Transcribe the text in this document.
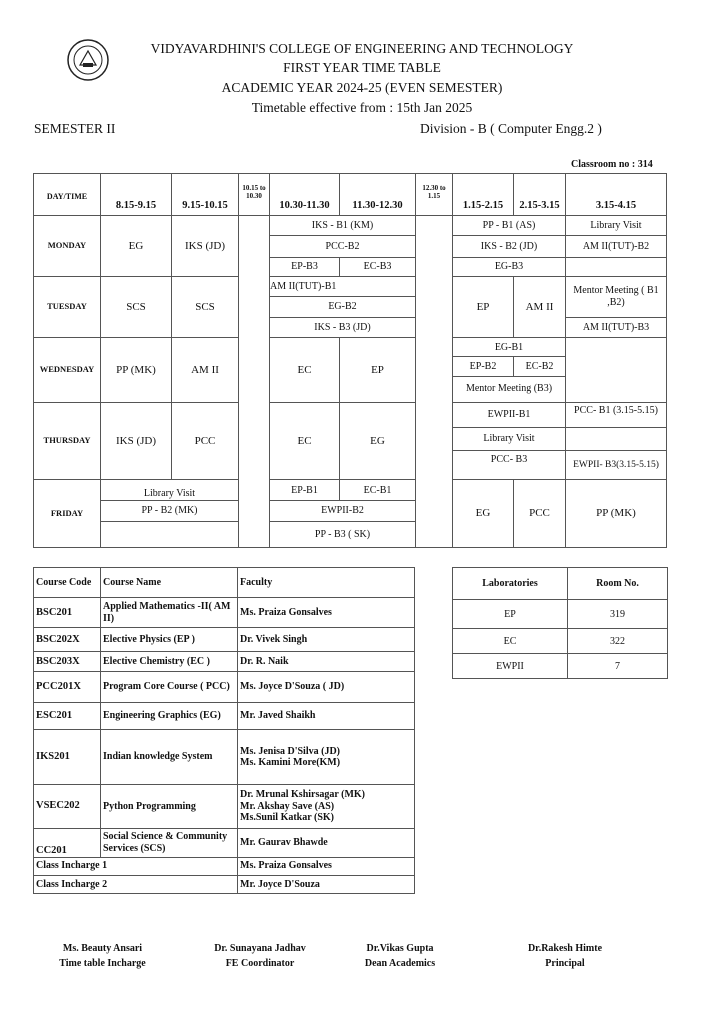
VIDYAVARDHINI'S COLLEGE OF ENGINEERING AND TECHNOLOGY
FIRST YEAR TIME TABLE
ACADEMIC YEAR 2024-25 (EVEN SEMESTER)
Timetable effective from : 15th Jan 2025
SEMESTER II	Division - B ( Computer Engg.2 )
Classroom no : 314
DAY/TIME	8.15-9.15	9.15-10.15	10.15 to 10.30	10.30-11.30	11.30-12.30	12.30 to 1.15	1.15-2.15	2.15-3.15	3.15-4.15
MONDAY	EG	IKS (JD)		IKS - B1 (KM)			PP - B1 (AS)		Library Visit
				PCC-B2			IKS - B2 (JD)		AM II(TUT)-B2
				EP-B3	EC-B3		EG-B3		
TUESDAY	SCS	SCS		AM II(TUT)-B1			EP	AM II	Mentor Meeting ( B1 ,B2)
				EG-B2					
				IKS - B3 (JD)					AM II(TUT)-B3
WEDNESDAY	PP (MK)	AM II		EC	EP		EG-B1		
							EP-B2	EC-B2	
							Mentor Meeting (B3)		
THURSDAY	IKS (JD)	PCC		EC	EG		EWPII-B1		PCC- B1 (3.15-5.15)
							Library Visit		
							PCC- B3		EWPII- B3(3.15-5.15)
FRIDAY	Library Visit			EP-B1	EC-B1		EG	PCC	PP (MK)
	PP - B2 (MK)			EWPII-B2					
				PP - B3 ( SK)					
Course Code	Course Name	Faculty
BSC201	Applied Mathematics -II( AM II)	Ms. Praiza Gonsalves
BSC202X	Elective Physics (EP )	Dr. Vivek Singh
BSC203X	Elective Chemistry (EC )	Dr. R. Naik
PCC201X	Program Core Course ( PCC)	Ms. Joyce D'Souza ( JD)
ESC201	Engineering Graphics (EG)	Mr. Javed Shaikh
IKS201	Indian knowledge System	Ms. Jenisa D'Silva (JD)
Ms. Kamini More(KM)

VSEC202	Python Programming	Dr. Mrunal Kshirsagar (MK)
Mr. Akshay Save (AS)
Ms.Sunil Katkar (SK)

CC201	Social Science & Community Services (SCS)	Mr. Gaurav Bhawde
Class Incharge 1		Ms. Praiza Gonsalves
Class Incharge 2		Mr. Joyce D'Souza
Laboratories	Room No.
EP	319
EC	322
EWPII	7
Ms. Beauty Ansari
Time table Incharge
Dr. Sunayana Jadhav
FE Coordinator
Dr.Vikas Gupta
Dean Academics
Dr.Rakesh Himte
Principal
